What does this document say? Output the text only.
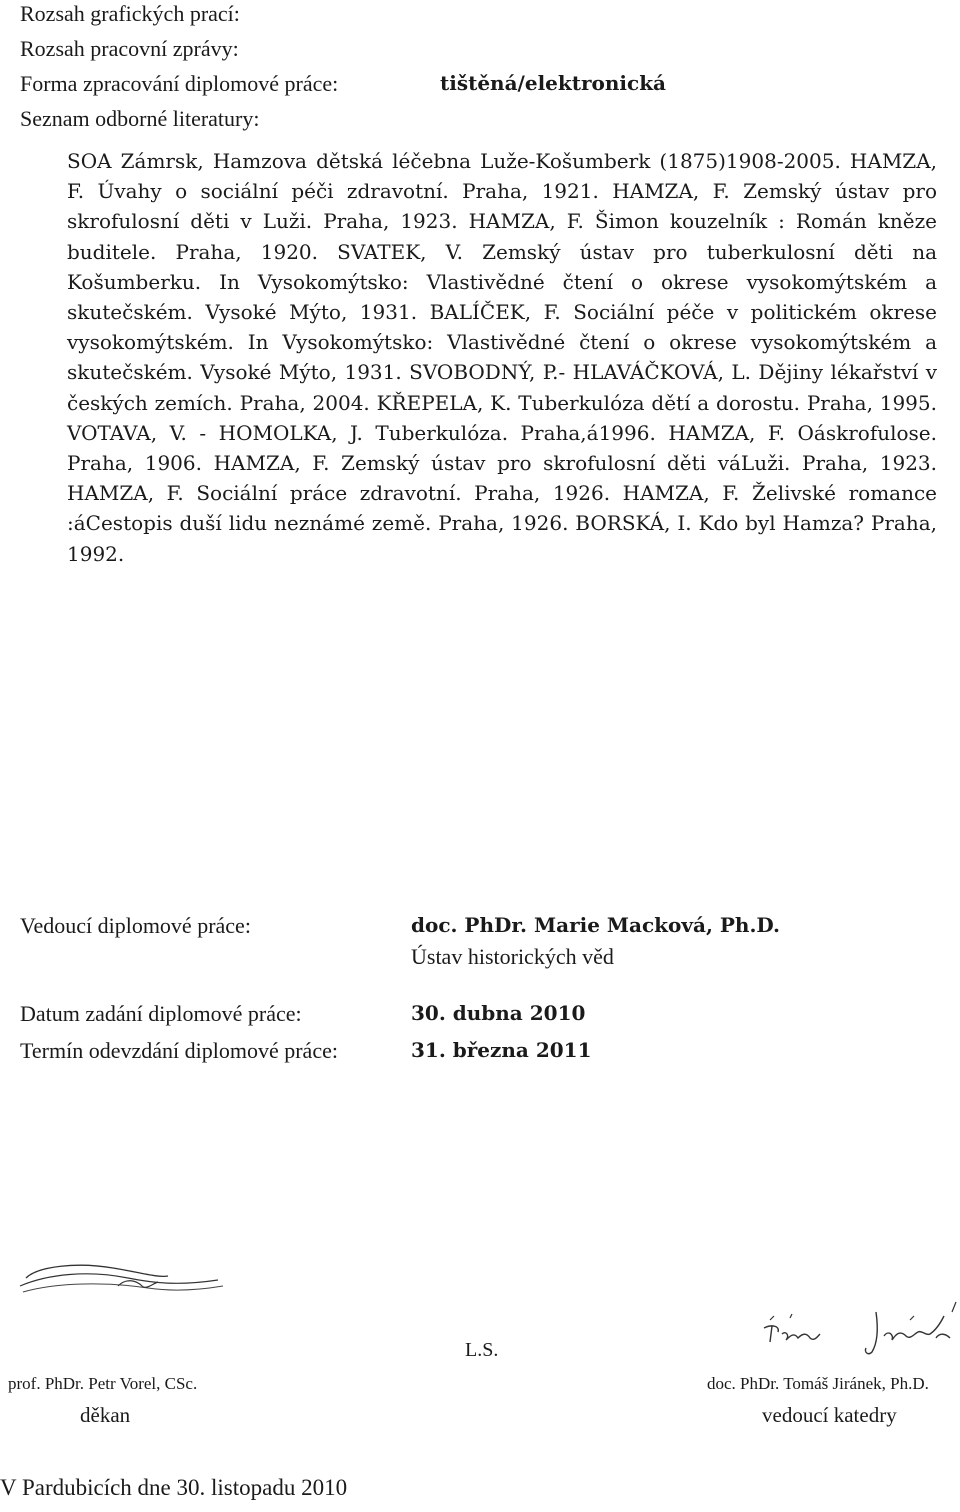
Rozsah grafických prací:
Rozsah pracovní zprávy:
Forma zpracování diplomové práce:	tištěná/elektronická
Seznam odborné literatury:

SOA Zámrsk, Hamzova dětská léčebna Luže-Košumberk (1875)1908-2005. HAMZA, F. Úvahy o sociální péči zdravotní. Praha, 1921. HAMZA, F. Zemský ústav pro skrofulosní děti v Luži. Praha, 1923. HAMZA, F. Šimon kouzelník : Román kněze buditele. Praha, 1920. SVATEK, V. Zemský ústav pro tuberkulosní děti na Košumberku. In Vysokomýtsko: Vlastivědné čtení o okrese vysokomýtském a skutečském. Vysoké Mýto, 1931. BALÍČEK, F. Sociální péče v politickém okrese vysokomýtském. In Vysokomýtsko: Vlastivědné čtení o okrese vysokomýtském a skutečském. Vysoké Mýto, 1931. SVOBODNÝ, P.- HLAVÁČKOVÁ, L. Dějiny lékařství v českých zemích. Praha, 2004. KŘEPELA, K. Tuberkulóza dětí a dorostu. Praha, 1995. VOTAVA, V. - HOMOLKA, J. Tuberkulóza. Praha,á1996. HAMZA, F. Oáskrofulose. Praha, 1906. HAMZA, F. Zemský ústav pro skrofulosní děti váLuži. Praha, 1923. HAMZA, F. Sociální práce zdravotní. Praha, 1926. HAMZA, F. Želivské romance :áCestopis duší lidu neznámé země. Praha, 1926. BORSKÁ, I. Kdo byl Hamza? Praha, 1992.

Vedoucí diplomové práce:	doc. PhDr. Marie Macková, Ph.D.
Ústav historických věd
Datum zadání diplomové práce:	30. dubna 2010
Termín odevzdání diplomové práce:	31. března 2011
L.S.
prof. PhDr. Petr Vorel, CSc.	doc. PhDr. Tomáš Jiránek, Ph.D.
děkan	vedoucí katedry
V Pardubicích dne 30. listopadu 2010
